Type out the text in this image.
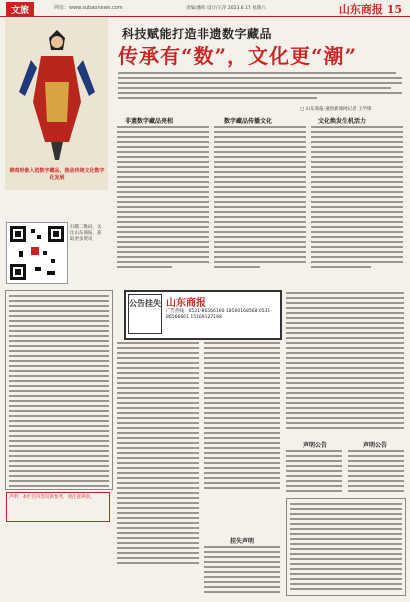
文旅	网址：www.subaonews.com	责编/潘昕 设计/王萍 2023.6.17 星期六	山东商报 15
锦鸡形象入选数字藏品，推动传统文化数字化发展
科技赋能打造非遗数字藏品
传承有“数”，文化更“潮”
□ 山东商报·速豹新闻网记者 王学锋
非遗数字藏品亮相	数字藏品传播文化	文化焕发生机活力
扫描二维码，关注山东商报，获取更多资讯
声明：本栏目内容仅供参考，请注意辨别。
公告挂失 山东商报
广告热线：0531-86566160 18560168568 0531-86566661 15169127168
挂失声明
声明公告	声明公告
